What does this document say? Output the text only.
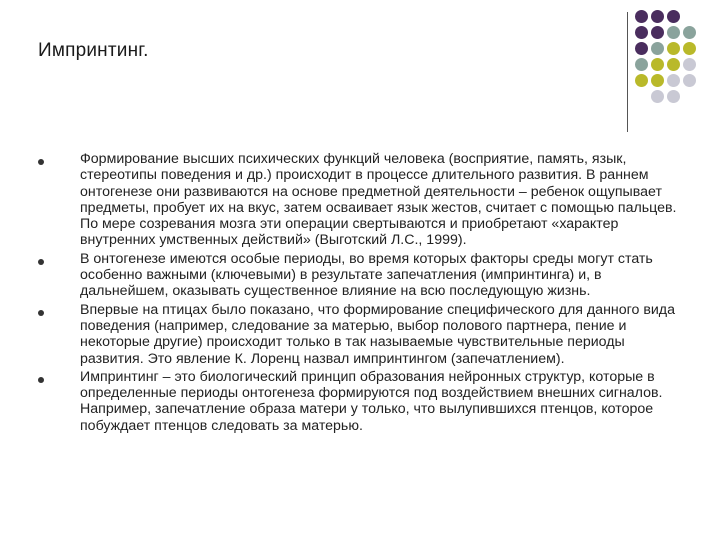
Импринтинг.
Формирование высших психических функций человека (восприятие, память, язык, стереотипы поведения и др.) происходит в процессе длительного развития. В раннем онтогенезе они развиваются на основе предметной деятельности – ребенок ощупывает предметы, пробует их на вкус, затем осваивает язык жестов, считает с помощью пальцев. По мере созревания мозга эти операции свертываются и приобретают «характер внутренних умственных действий» (Выготский Л.С., 1999).
В онтогенезе имеются особые периоды, во время которых факторы среды могут стать особенно важными (ключевыми) в результате запечатления (импринтинга) и, в дальнейшем, оказывать существенное влияние на всю последующую жизнь.
Впервые на птицах было показано, что формирование специфического для данного вида поведения (например, следование за матерью, выбор полового партнера, пение и некоторые другие) происходит только в так называемые чувствительные периоды развития. Это явление К. Лоренц назвал импринтингом (запечатлением).
Импринтинг – это биологический принцип образования нейронных структур, которые в определенные периоды онтогенеза формируются под воздействием внешних сигналов. Например, запечатление образа матери у только, что вылупившихся птенцов, которое побуждает птенцов следовать за матерью.
